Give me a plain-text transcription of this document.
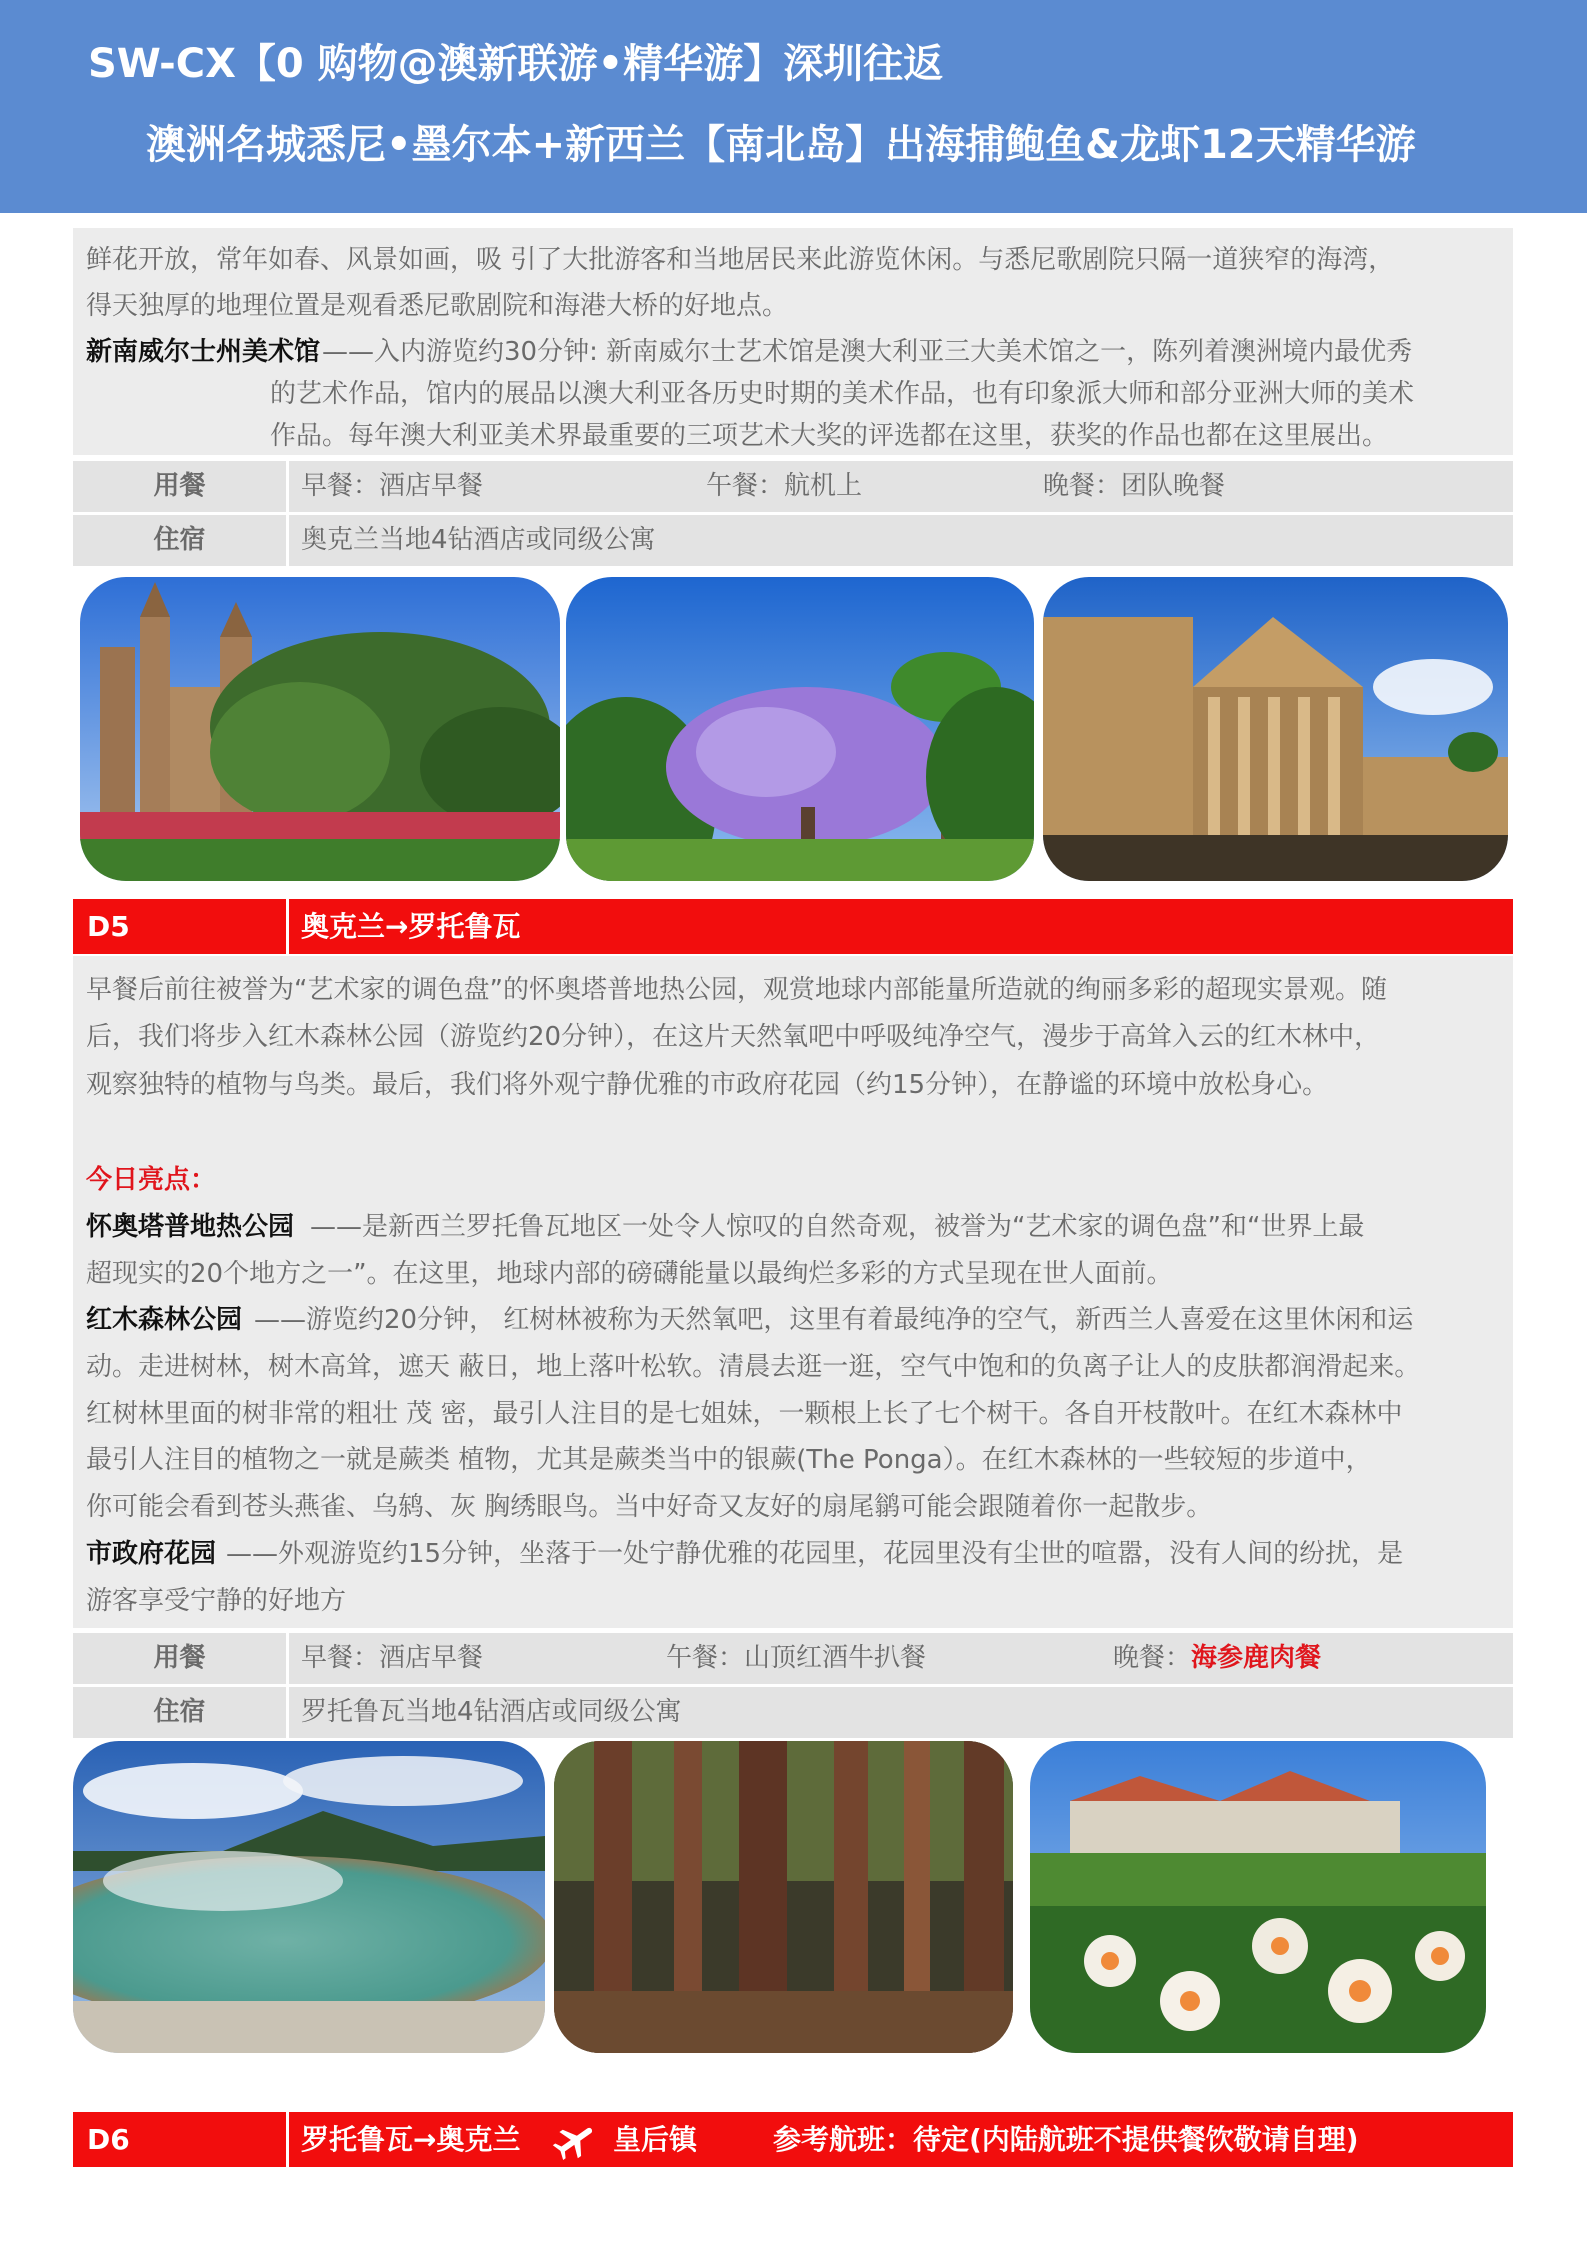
SW-CX【0 购物@澳新联游•精华游】深圳往返
澳洲名城悉尼•墨尔本+新西兰【南北岛】出海捕鲍鱼&龙虾12天精华游
鲜花开放，常年如春、风景如画，吸 引了大批游客和当地居民来此游览休闲。与悉尼歌剧院只隔一道狭窄的海湾，
得天独厚的地理位置是观看悉尼歌剧院和海港大桥的好地点。
新南威尔士州美术馆 ——入内游览约30分钟: 新南威尔士艺术馆是澳大利亚三大美术馆之一，陈列着澳洲境内最优秀
的艺术作品，馆内的展品以澳大利亚各历史时期的美术作品，也有印象派大师和部分亚洲大师的美术
作品。每年澳大利亚美术界最重要的三项艺术大奖的评选都在这里，获奖的作品也都在这里展出。
用餐	早餐：酒店早餐	午餐：航机上	晚餐：团队晚餐
住宿	奥克兰当地4钻酒店或同级公寓
D5	奥克兰→罗托鲁瓦
早餐后前往被誉为“艺术家的调色盘”的怀奥塔普地热公园，观赏地球内部能量所造就的绚丽多彩的超现实景观。随
后，我们将步入红木森林公园（游览约20分钟），在这片天然氧吧中呼吸纯净空气，漫步于高耸入云的红木林中，
观察独特的植物与鸟类。最后，我们将外观宁静优雅的市政府花园（约15分钟），在静谧的环境中放松身心。
今日亮点：
怀奥塔普地热公园 ——是新西兰罗托鲁瓦地区一处令人惊叹的自然奇观，被誉为“艺术家的调色盘”和“世界上最
超现实的20个地方之一”。在这里，地球内部的磅礴能量以最绚烂多彩的方式呈现在世人面前。
红木森林公园 ——游览约20分钟， 红树林被称为天然氧吧，这里有着最纯净的空气，新西兰人喜爱在这里休闲和运
动。走进树林，树木高耸，遮天 蔽日，地上落叶松软。清晨去逛一逛，空气中饱和的负离子让人的皮肤都润滑起来。
红树林里面的树非常的粗壮 茂 密，最引人注目的是七姐妹，一颗根上长了七个树干。各自开枝散叶。在红木森林中
最引人注目的植物之一就是蕨类 植物，尤其是蕨类当中的银蕨(The Ponga）。在红木森林的一些较短的步道中，
你可能会看到苍头燕雀、乌鸫、灰 胸绣眼鸟。当中好奇又友好的扇尾鹟可能会跟随着你一起散步。
市政府花园 ——外观游览约15分钟，坐落于一处宁静优雅的花园里，花园里没有尘世的喧嚣，没有人间的纷扰，是
游客享受宁静的好地方
用餐	早餐：酒店早餐	午餐：山顶红酒牛扒餐	晚餐：海参鹿肉餐
住宿	罗托鲁瓦当地4钻酒店或同级公寓
D6	罗托鲁瓦→奥克兰	皇后镇	参考航班：待定(内陆航班不提供餐饮敬请自理)
